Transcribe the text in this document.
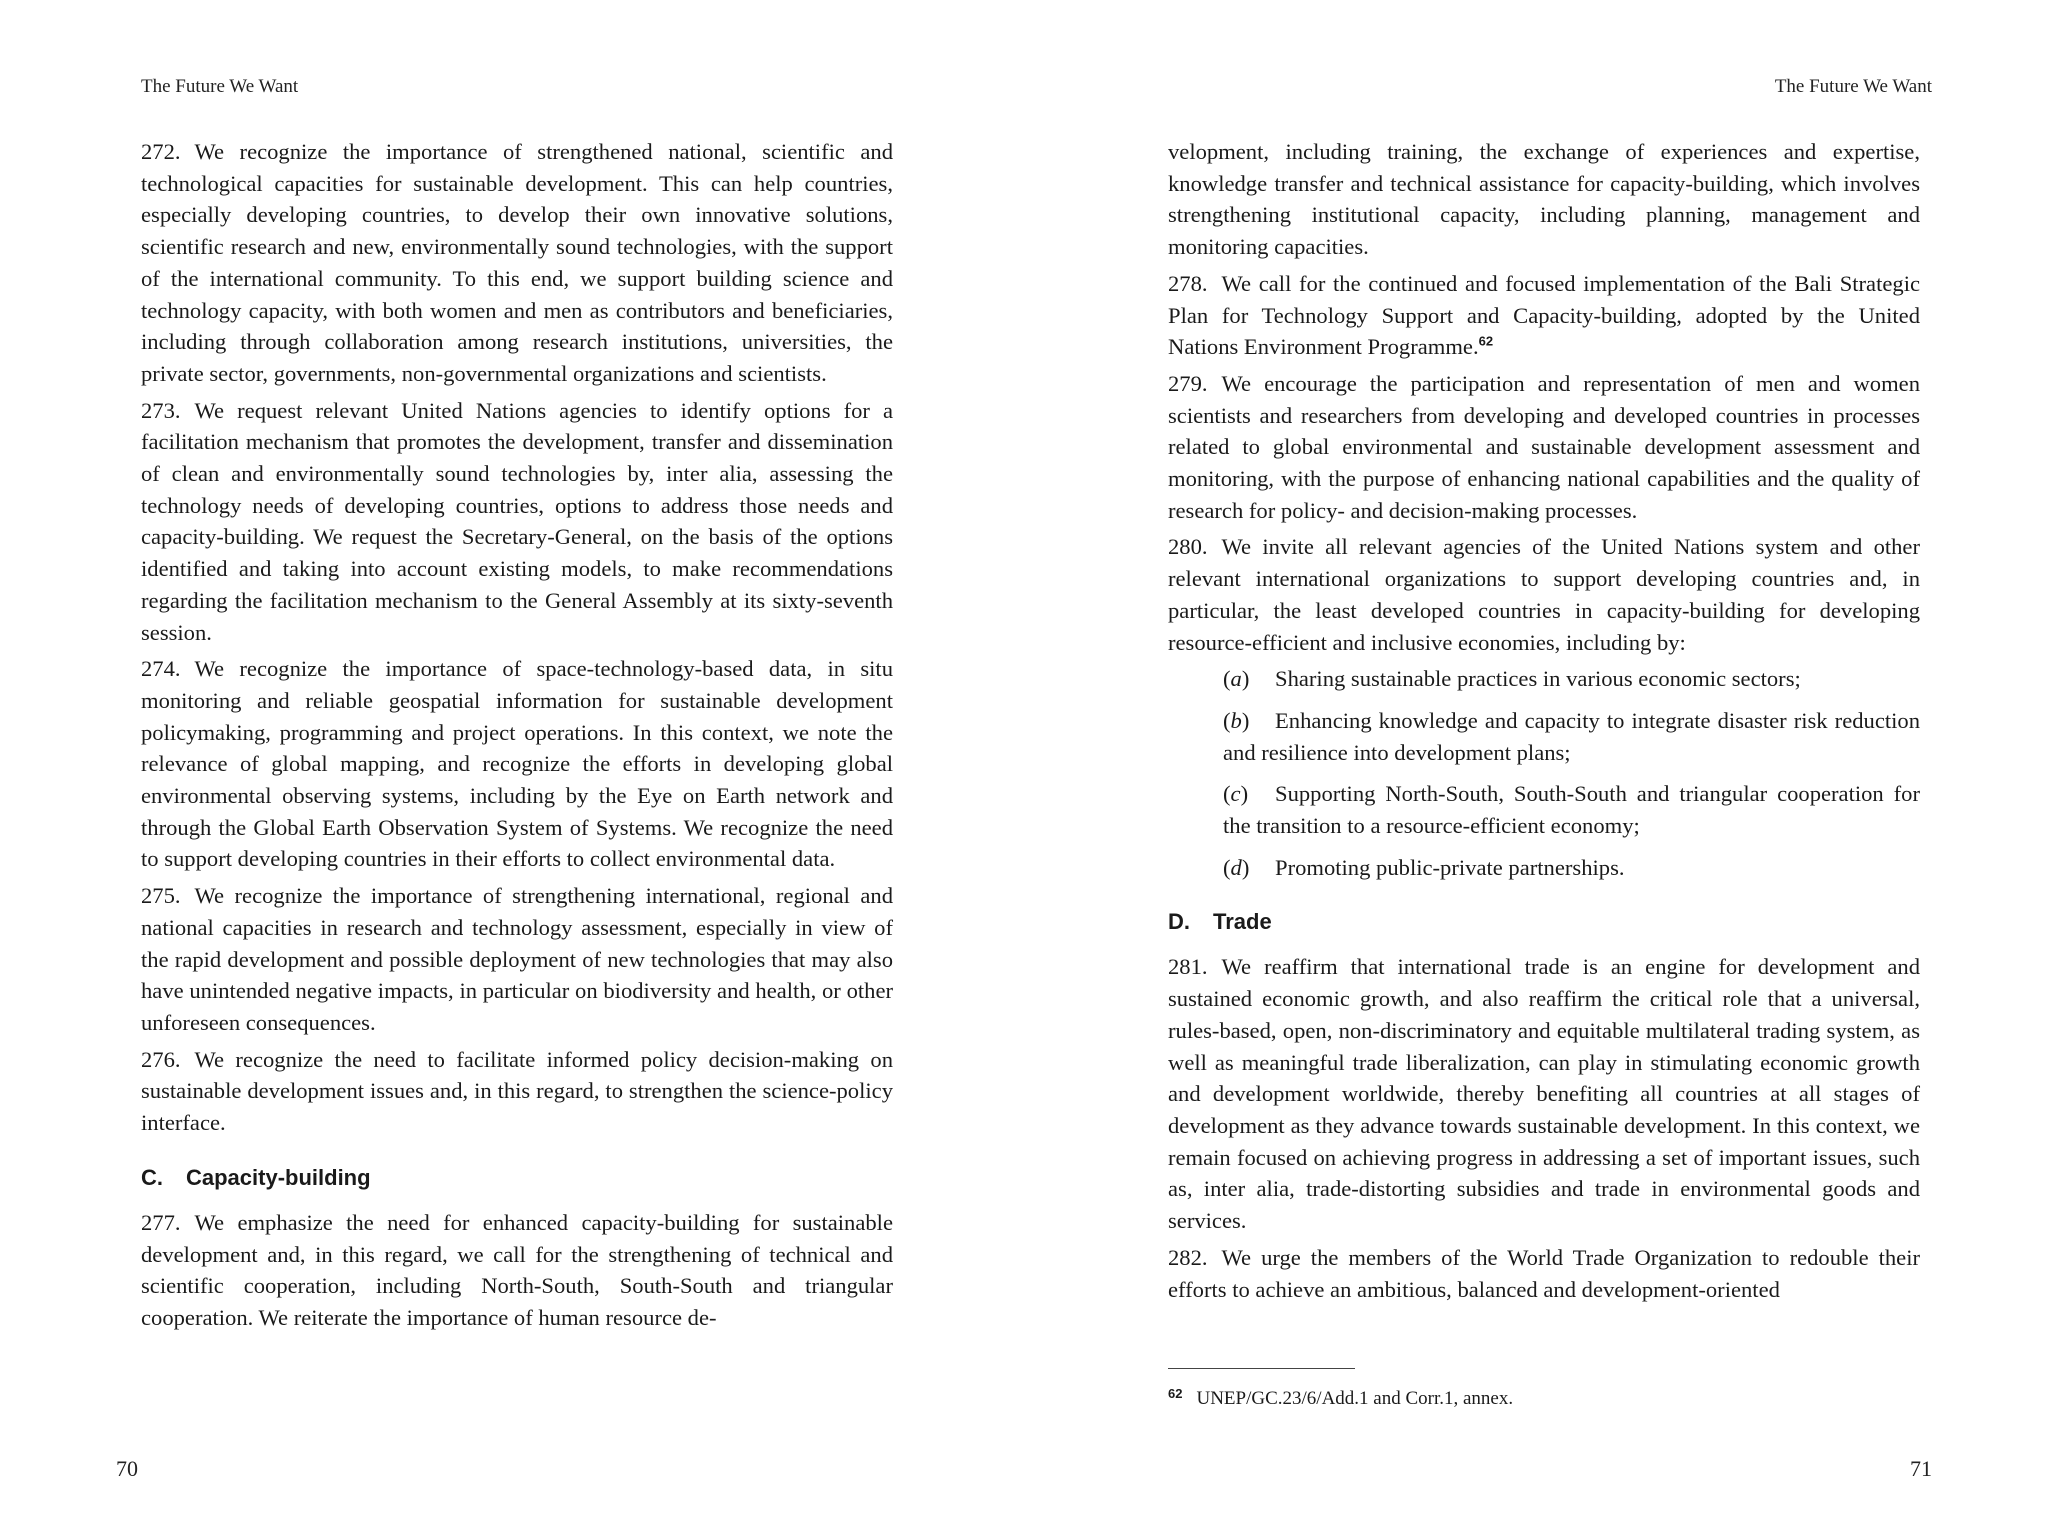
The Future We Want

272. We recognize the importance of strengthened national, scientific and technological capacities for sustainable development. This can help countries, especially developing countries, to develop their own innovative solutions, scientific research and new, environmentally sound technologies, with the support of the international community. To this end, we support building science and technology capacity, with both women and men as contributors and beneficiaries, including through collaboration among research institutions, universities, the private sector, governments, non-governmental organizations and scientists.

273. We request relevant United Nations agencies to identify options for a facilitation mechanism that promotes the development, transfer and dissemination of clean and environmentally sound technologies by, inter alia, assessing the technology needs of developing countries, options to address those needs and capacity-building. We request the Secretary-General, on the basis of the options identified and taking into account existing models, to make recommendations regarding the facilitation mechanism to the General Assembly at its sixty-seventh session.

274. We recognize the importance of space-technology-based data, in situ monitoring and reliable geospatial information for sustainable development policymaking, programming and project operations. In this context, we note the relevance of global mapping, and recognize the efforts in developing global environmental observing systems, including by the Eye on Earth network and through the Global Earth Observation System of Systems. We recognize the need to support developing countries in their efforts to collect environmental data.

275. We recognize the importance of strengthening international, regional and national capacities in research and technology assessment, especially in view of the rapid development and possible deployment of new technologies that may also have unintended negative impacts, in particular on biodiversity and health, or other unforeseen consequences.

276. We recognize the need to facilitate informed policy decision-making on sustainable development issues and, in this regard, to strengthen the science-policy interface.

C. Capacity-building

277. We emphasize the need for enhanced capacity-building for sustainable development and, in this regard, we call for the strengthening of technical and scientific cooperation, including North-South, South-South and triangular cooperation. We reiterate the importance of human resource de-

70
The Future We Want

velopment, including training, the exchange of experiences and expertise, knowledge transfer and technical assistance for capacity-building, which involves strengthening institutional capacity, including planning, management and monitoring capacities.

278. We call for the continued and focused implementation of the Bali Strategic Plan for Technology Support and Capacity-building, adopted by the United Nations Environment Programme.$^{62}$

279. We encourage the participation and representation of men and women scientists and researchers from developing and developed countries in processes related to global environmental and sustainable development assessment and monitoring, with the purpose of enhancing national capabilities and the quality of research for policy- and decision-making processes.

280. We invite all relevant agencies of the United Nations system and other relevant international organizations to support developing countries and, in particular, the least developed countries in capacity-building for developing resource-efficient and inclusive economies, including by:

(a) Sharing sustainable practices in various economic sectors;

(b) Enhancing knowledge and capacity to integrate disaster risk reduction and resilience into development plans;

(c) Supporting North-South, South-South and triangular cooperation for the transition to a resource-efficient economy;

(d) Promoting public-private partnerships.

D. Trade

281. We reaffirm that international trade is an engine for development and sustained economic growth, and also reaffirm the critical role that a universal, rules-based, open, non-discriminatory and equitable multilateral trading system, as well as meaningful trade liberalization, can play in stimulating economic growth and development worldwide, thereby benefiting all countries at all stages of development as they advance towards sustainable development. In this context, we remain focused on achieving progress in addressing a set of important issues, such as, inter alia, trade-distorting subsidies and trade in environmental goods and services.

282. We urge the members of the World Trade Organization to redouble their efforts to achieve an ambitious, balanced and development-oriented

$^{62}$ UNEP/GC.23/6/Add.1 and Corr.1, annex.
71
